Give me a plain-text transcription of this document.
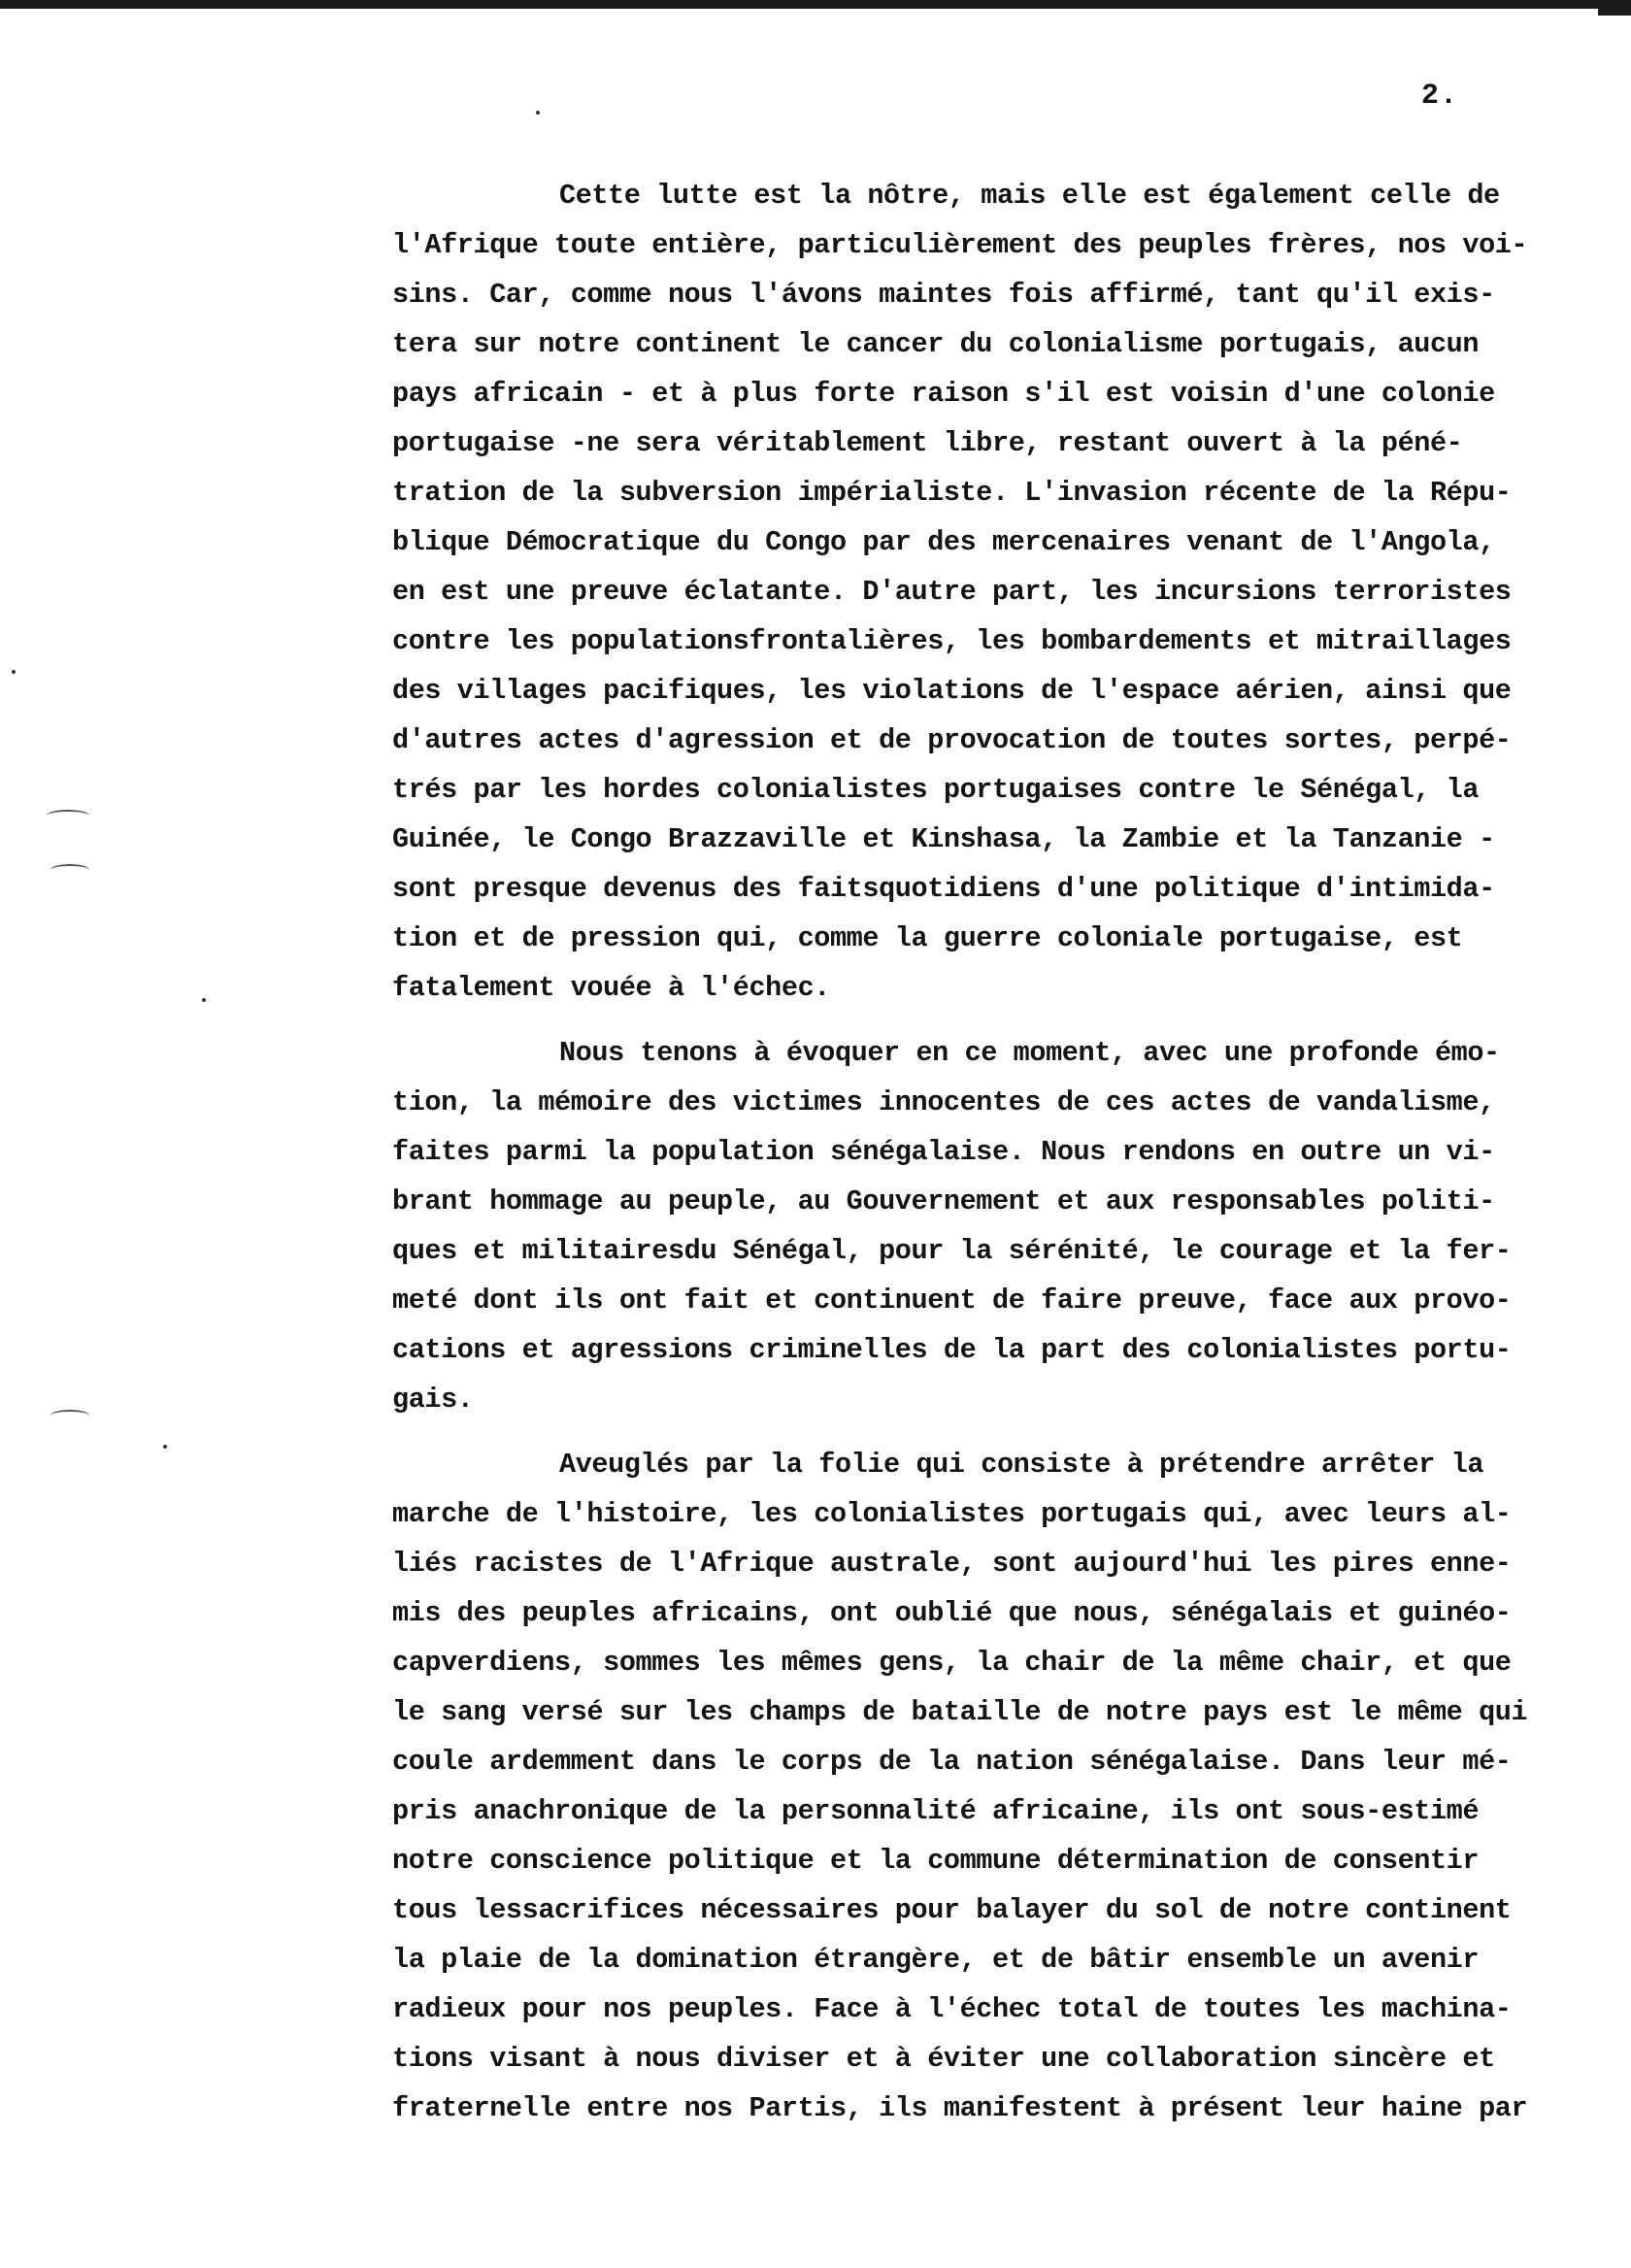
2.
Cette lutte est la nôtre, mais elle est également celle de
l'Afrique toute entière, particulièrement des peuples frères, nos voi-
sins. Car, comme nous l'ávons maintes fois affirmé, tant qu'il exis-
tera sur notre continent le cancer du colonialisme portugais, aucun
pays africain - et à plus forte raison s'il est voisin d'une colonie
portugaise -ne sera véritablement libre, restant ouvert à la péné-
tration de la subversion impérialiste. L'invasion récente de la Répu-
blique Démocratique du Congo par des mercenaires venant de l'Angola,
en est une preuve éclatante. D'autre part, les incursions terroristes
contre les populationsfrontalières, les bombardements et mitraillages
des villages pacifiques, les violations de l'espace aérien, ainsi que
d'autres actes d'agression et de provocation de toutes sortes, perpé-
trés par les hordes colonialistes portugaises contre le Sénégal, la
Guinée, le Congo Brazzaville et Kinshasa, la Zambie et la Tanzanie -
sont presque devenus des faitsquotidiens d'une politique d'intimida-
tion et de pression qui, comme la guerre coloniale portugaise, est
fatalement vouée à l'échec.
Nous tenons à évoquer en ce moment, avec une profonde émo-
tion, la mémoire des victimes innocentes de ces actes de vandalisme,
faites parmi la population sénégalaise. Nous rendons en outre un vi-
brant hommage au peuple, au Gouvernement et aux responsables politi-
ques et militairesdu Sénégal, pour la sérénité, le courage et la fer-
meté dont ils ont fait et continuent de faire preuve, face aux provo-
cations et agressions criminelles de la part des colonialistes portu-
gais.
Aveuglés par la folie qui consiste à prétendre arrêter la
marche de l'histoire, les colonialistes portugais qui, avec leurs al-
liés racistes de l'Afrique australe, sont aujourd'hui les pires enne-
mis des peuples africains, ont oublié que nous, sénégalais et guinéo-
capverdiens, sommes les mêmes gens, la chair de la même chair, et que
le sang versé sur les champs de bataille de notre pays est le même qui
coule ardemment dans le corps de la nation sénégalaise. Dans leur mé-
pris anachronique de la personnalité africaine, ils ont sous-estimé
notre conscience politique et la commune détermination de consentir
tous lessacrifices nécessaires pour balayer du sol de notre continent
la plaie de la domination étrangère, et de bâtir ensemble un avenir
radieux pour nos peuples. Face à l'échec total de toutes les machina-
tions visant à nous diviser et à éviter une collaboration sincère et
fraternelle entre nos Partis, ils manifestent à présent leur haine par
